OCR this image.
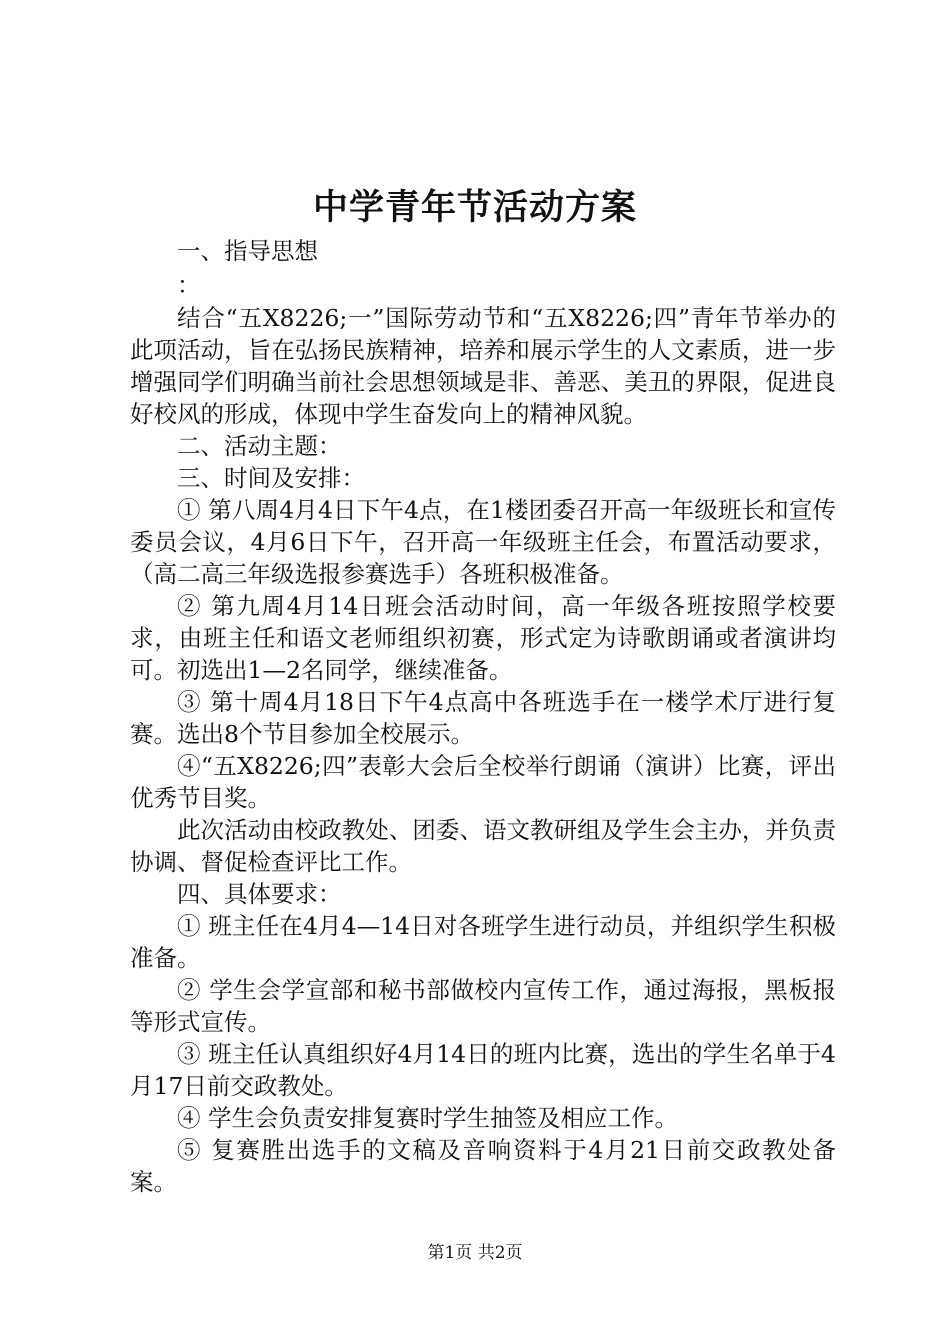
中学青年节活动方案

一、指导思想

：

结合“五X8226;一”国际劳动节和“五X8226;四”青年节举办的此项活动，旨在弘扬民族精神，培养和展示学生的人文素质，进一步增强同学们明确当前社会思想领域是非、善恶、美丑的界限，促进良好校风的形成，体现中学生奋发向上的精神风貌。

二、活动主题：

三、时间及安排：

① 第八周4月4日下午4点，在1楼团委召开高一年级班长和宣传委员会议，4月6日下午，召开高一年级班主任会，布置活动要求，（高二高三年级选报参赛选手）各班积极准备。

② 第九周4月14日班会活动时间，高一年级各班按照学校要求，由班主任和语文老师组织初赛，形式定为诗歌朗诵或者演讲均可。初选出1—2名同学，继续准备。

③ 第十周4月18日下午4点高中各班选手在一楼学术厅进行复赛。选出8个节目参加全校展示。

④“五X8226;四”表彰大会后全校举行朗诵（演讲）比赛，评出优秀节目奖。

此次活动由校政教处、团委、语文教研组及学生会主办，并负责协调、督促检查评比工作。

四、具体要求：

① 班主任在4月4—14日对各班学生进行动员，并组织学生积极准备。

② 学生会学宣部和秘书部做校内宣传工作，通过海报，黑板报等形式宣传。

③ 班主任认真组织好4月14日的班内比赛，选出的学生名单于4月17日前交政教处。

④ 学生会负责安排复赛时学生抽签及相应工作。

⑤ 复赛胜出选手的文稿及音响资料于4月21日前交政教处备案。

第1页 共2页
